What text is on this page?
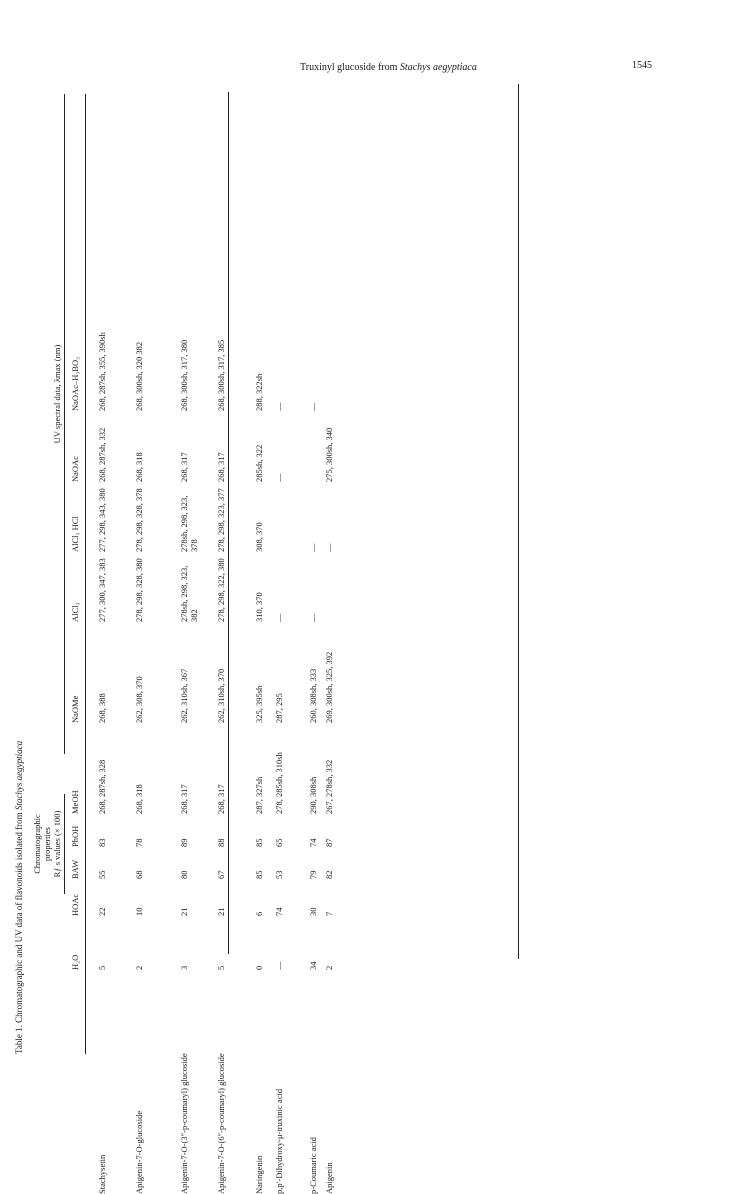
Truxinyl glucoside from Stachys aegyptiaca	1545
Table 1. Chromatographic and UV data of flavonoids isolated from Stachys aegyptiaca
Chromatographic properties Rƒ s values (× 100)
UV spectral data, λmax (nm)
H₂O
HOAc
BAW
PhOH
MeOH
NaOMe
AlCl₃
AlCl₃ HCl
NaOAc
NaOAc–H₃BO₃
Stachysetin
5
22
55
83
268, 287sh, 328
268, 388
277, 300, 347, 383
277, 298, 343, 380
268, 287sh, 332
268, 287sh, 355, 390sh
Apigenin-7-O-glucoside
2
10
68
78
268, 318
262, 308, 370
278, 298, 328, 380
278, 298, 328, 378
268, 318
268, 300sh, 320 382
Apigenin-7-O-(3″-p-coumaryl) glucoside
3
21
80
89
268, 317
262, 310sh, 367
278sh, 298, 323, 382
278sh, 298, 323, 378
268, 317
268, 300sh, 317, 380
Apigenin-7-O-(6″-p-coumaryl) glucoside
5
21
67
88
268, 317
262, 310sh, 370
278, 298, 322, 380
278, 298, 323, 377
268, 317
268, 300sh, 317, 385
Naringenin
0
6
85
85
287, 327sh
325, 395sh
310, 370
308, 370
285sh, 322
288, 322sh
p,p′-Dihydroxy-μ-truxinic acid
—
74
53
65
278, 285sh, 310sh
287, 295
—
—
—
p-Coumaric acid
34
30
79
74
290, 308sh
260, 308sh, 333
—
—
—
Apigenin
2
7
82
87
267, 278sh, 332
269, 300sh, 325, 392
—
275, 300sh, 340
